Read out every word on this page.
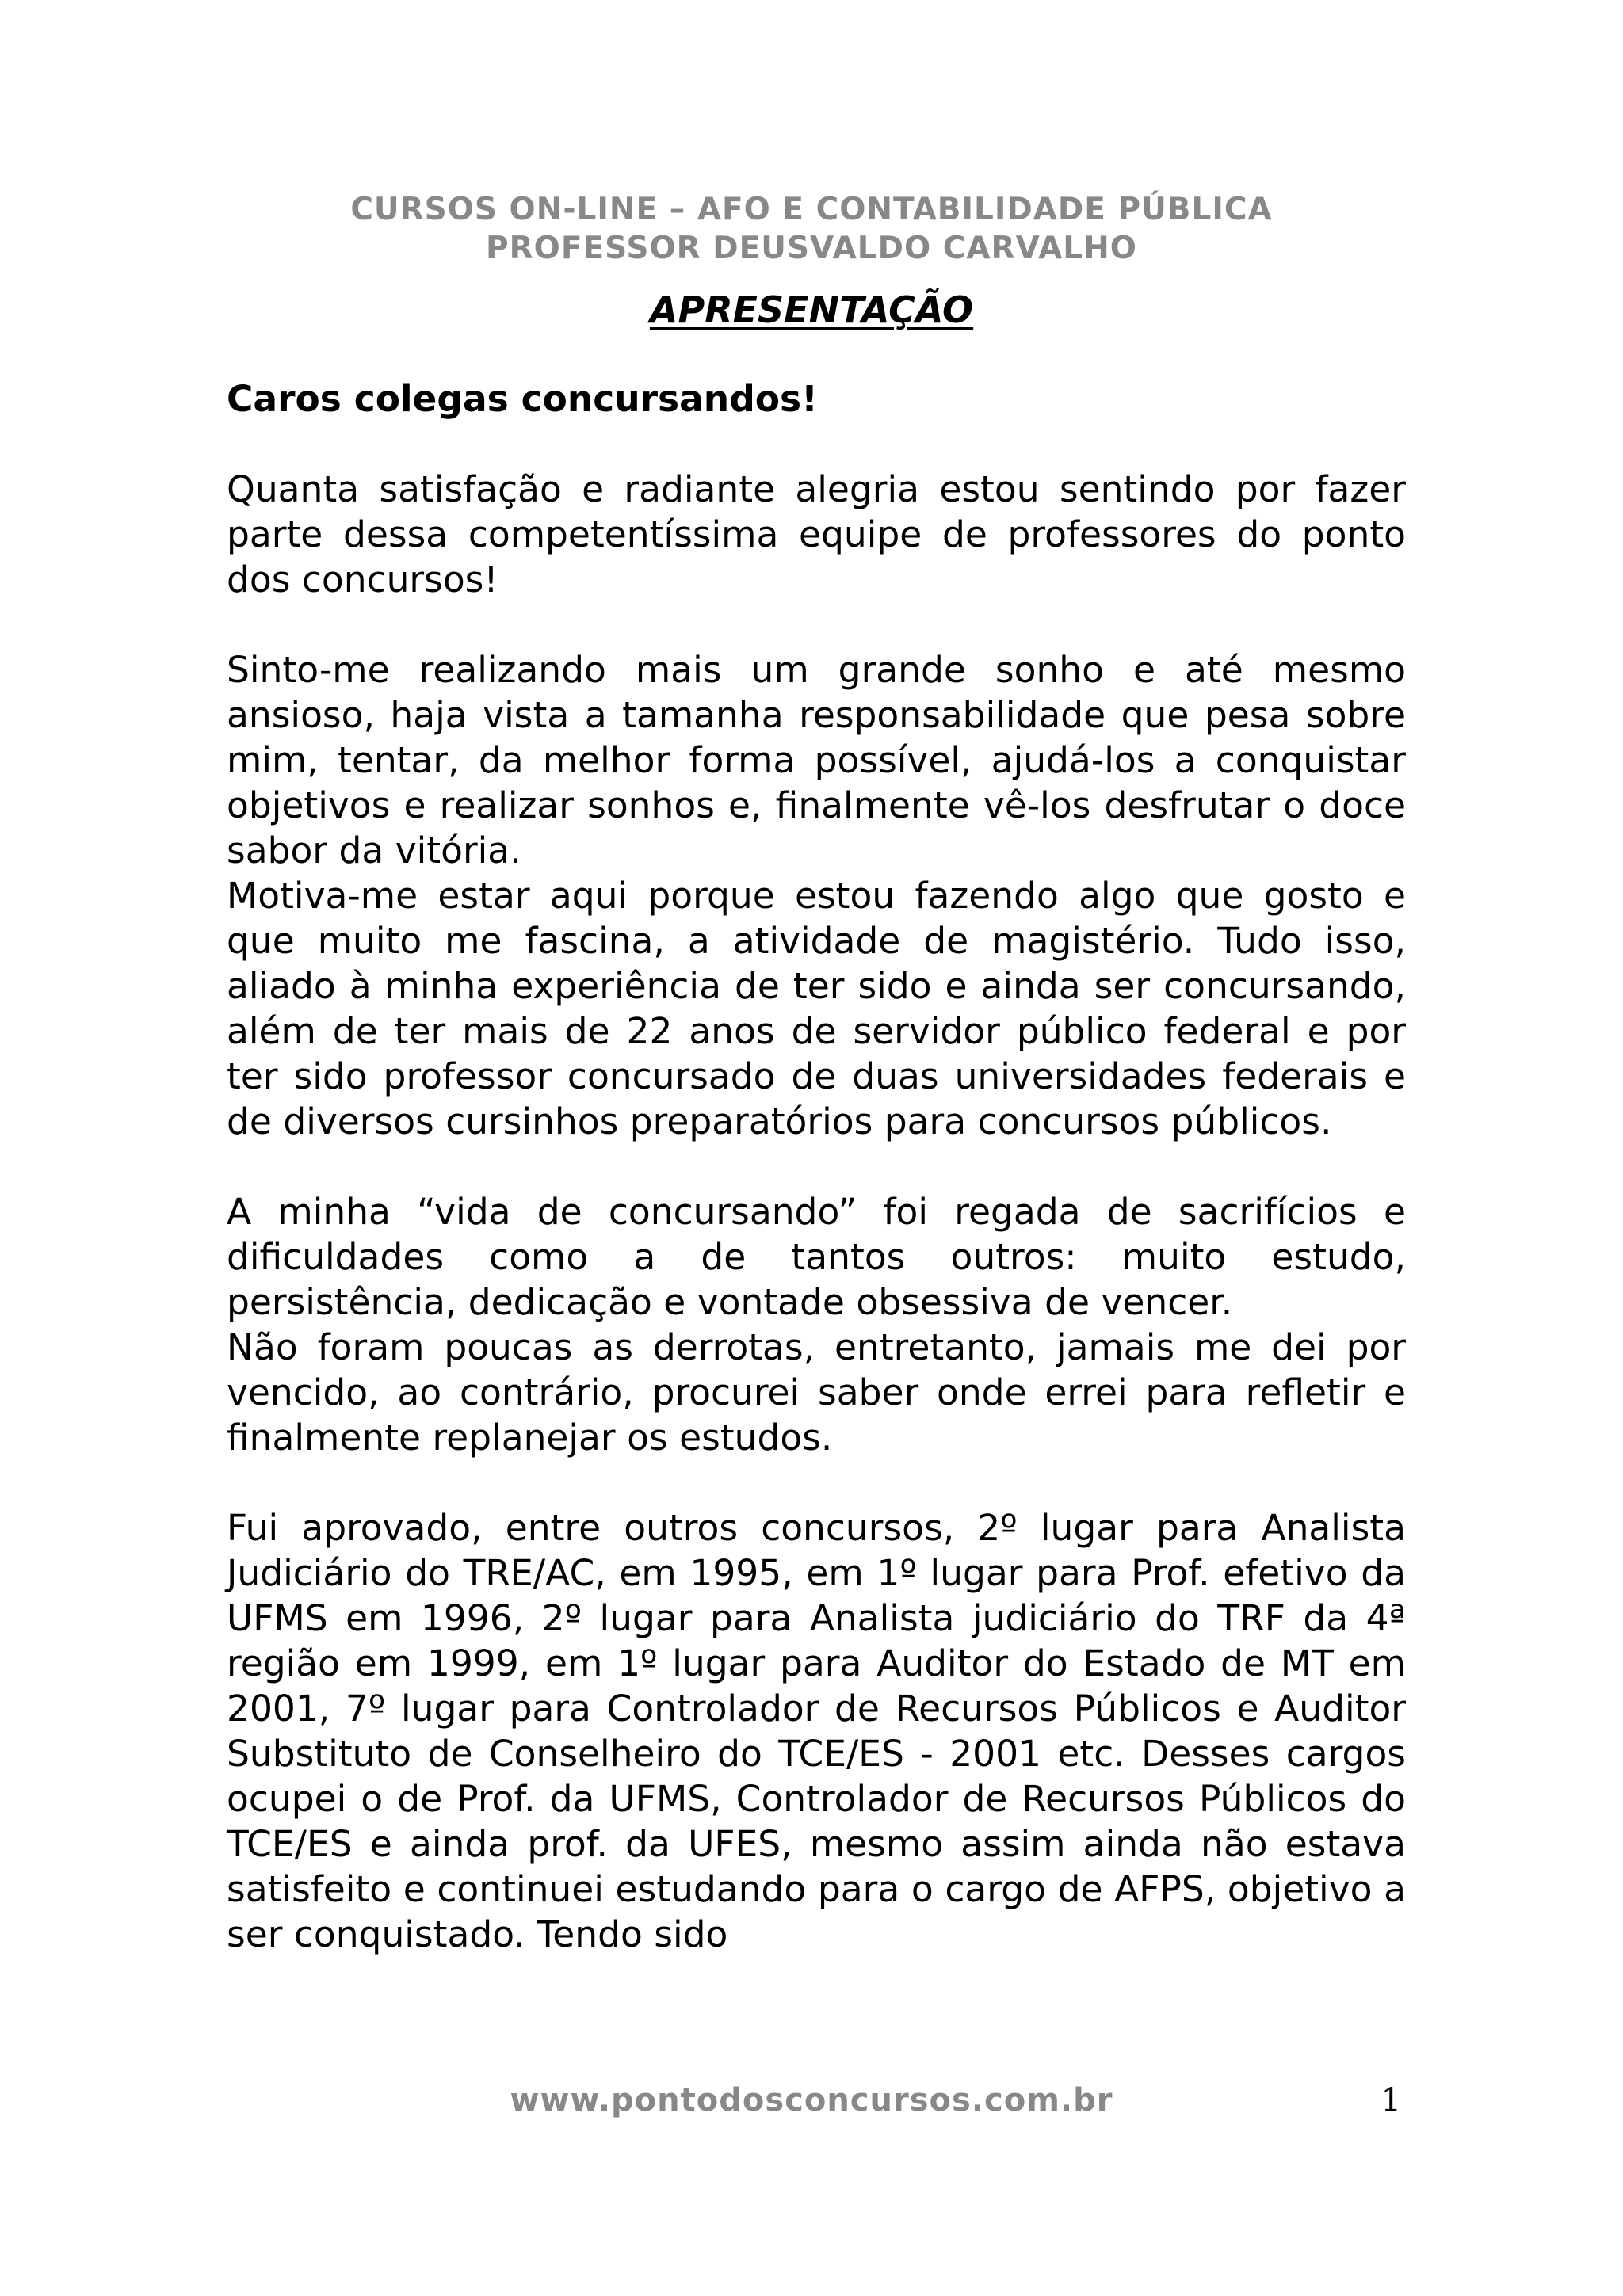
CURSOS ON-LINE – AFO E CONTABILIDADE PÚBLICA
PROFESSOR DEUSVALDO CARVALHO
APRESENTAÇÃO

Caros colegas concursandos!

Quanta satisfação e radiante alegria estou sentindo por fazer parte dessa competentíssima equipe de professores do ponto dos concursos!

Sinto-me realizando mais um grande sonho e até mesmo ansioso, haja vista a tamanha responsabilidade que pesa sobre mim, tentar, da melhor forma possível, ajudá-los a conquistar objetivos e realizar sonhos e, finalmente vê-los desfrutar o doce sabor da vitória.

Motiva-me estar aqui porque estou fazendo algo que gosto e que muito me fascina, a atividade de magistério. Tudo isso, aliado à minha experiência de ter sido e ainda ser concursando, além de ter mais de 22 anos de servidor público federal e por ter sido professor concursado de duas universidades federais e de diversos cursinhos preparatórios para concursos públicos.

A minha “vida de concursando” foi regada de sacrifícios e dificuldades como a de tantos outros: muito estudo, persistência, dedicação e vontade obsessiva de vencer.

Não foram poucas as derrotas, entretanto, jamais me dei por vencido, ao contrário, procurei saber onde errei para refletir e finalmente replanejar os estudos.

Fui aprovado, entre outros concursos, 2º lugar para Analista Judiciário do TRE/AC, em 1995, em 1º lugar para Prof. efetivo da UFMS em 1996, 2º lugar para Analista judiciário do TRF da 4ª região em 1999, em 1º lugar para Auditor do Estado de MT em 2001, 7º lugar para Controlador de Recursos Públicos e Auditor Substituto de Conselheiro do TCE/ES - 2001 etc. Desses cargos ocupei o de Prof. da UFMS, Controlador de Recursos Públicos do TCE/ES e ainda prof. da UFES, mesmo assim ainda não estava satisfeito e continuei estudando para o cargo de AFPS, objetivo a ser conquistado. Tendo sido

www.pontodosconcursos.com.br	1
